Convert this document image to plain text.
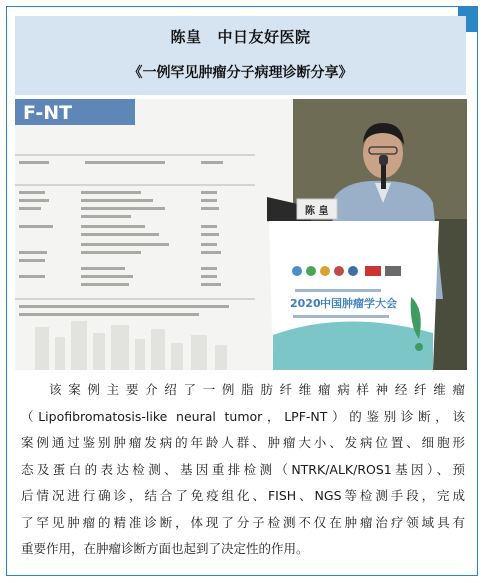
陈皇 中日友好医院
《一例罕见肿瘤分子病理诊断分享》
F-NT
陈 皇
2020 中国肿瘤学大会
该案例主要介绍了一例脂肪纤维瘤病样神经纤维瘤
（Lipofibromatosis-like neural tumor，LPF-NT）的鉴别诊断，该
案例通过鉴别肿瘤发病的年龄人群、肿瘤大小、发病位置、细胞形
态及蛋白的表达检测、基因重排检测（NTRK/ALK/ROS1基因）、预
后情况进行确诊，结合了免疫组化、FISH、NGS等检测手段，完成
了罕见肿瘤的精准诊断，体现了分子检测不仅在肿瘤治疗领域具有
重要作用，在肿瘤诊断方面也起到了决定性的作用。
